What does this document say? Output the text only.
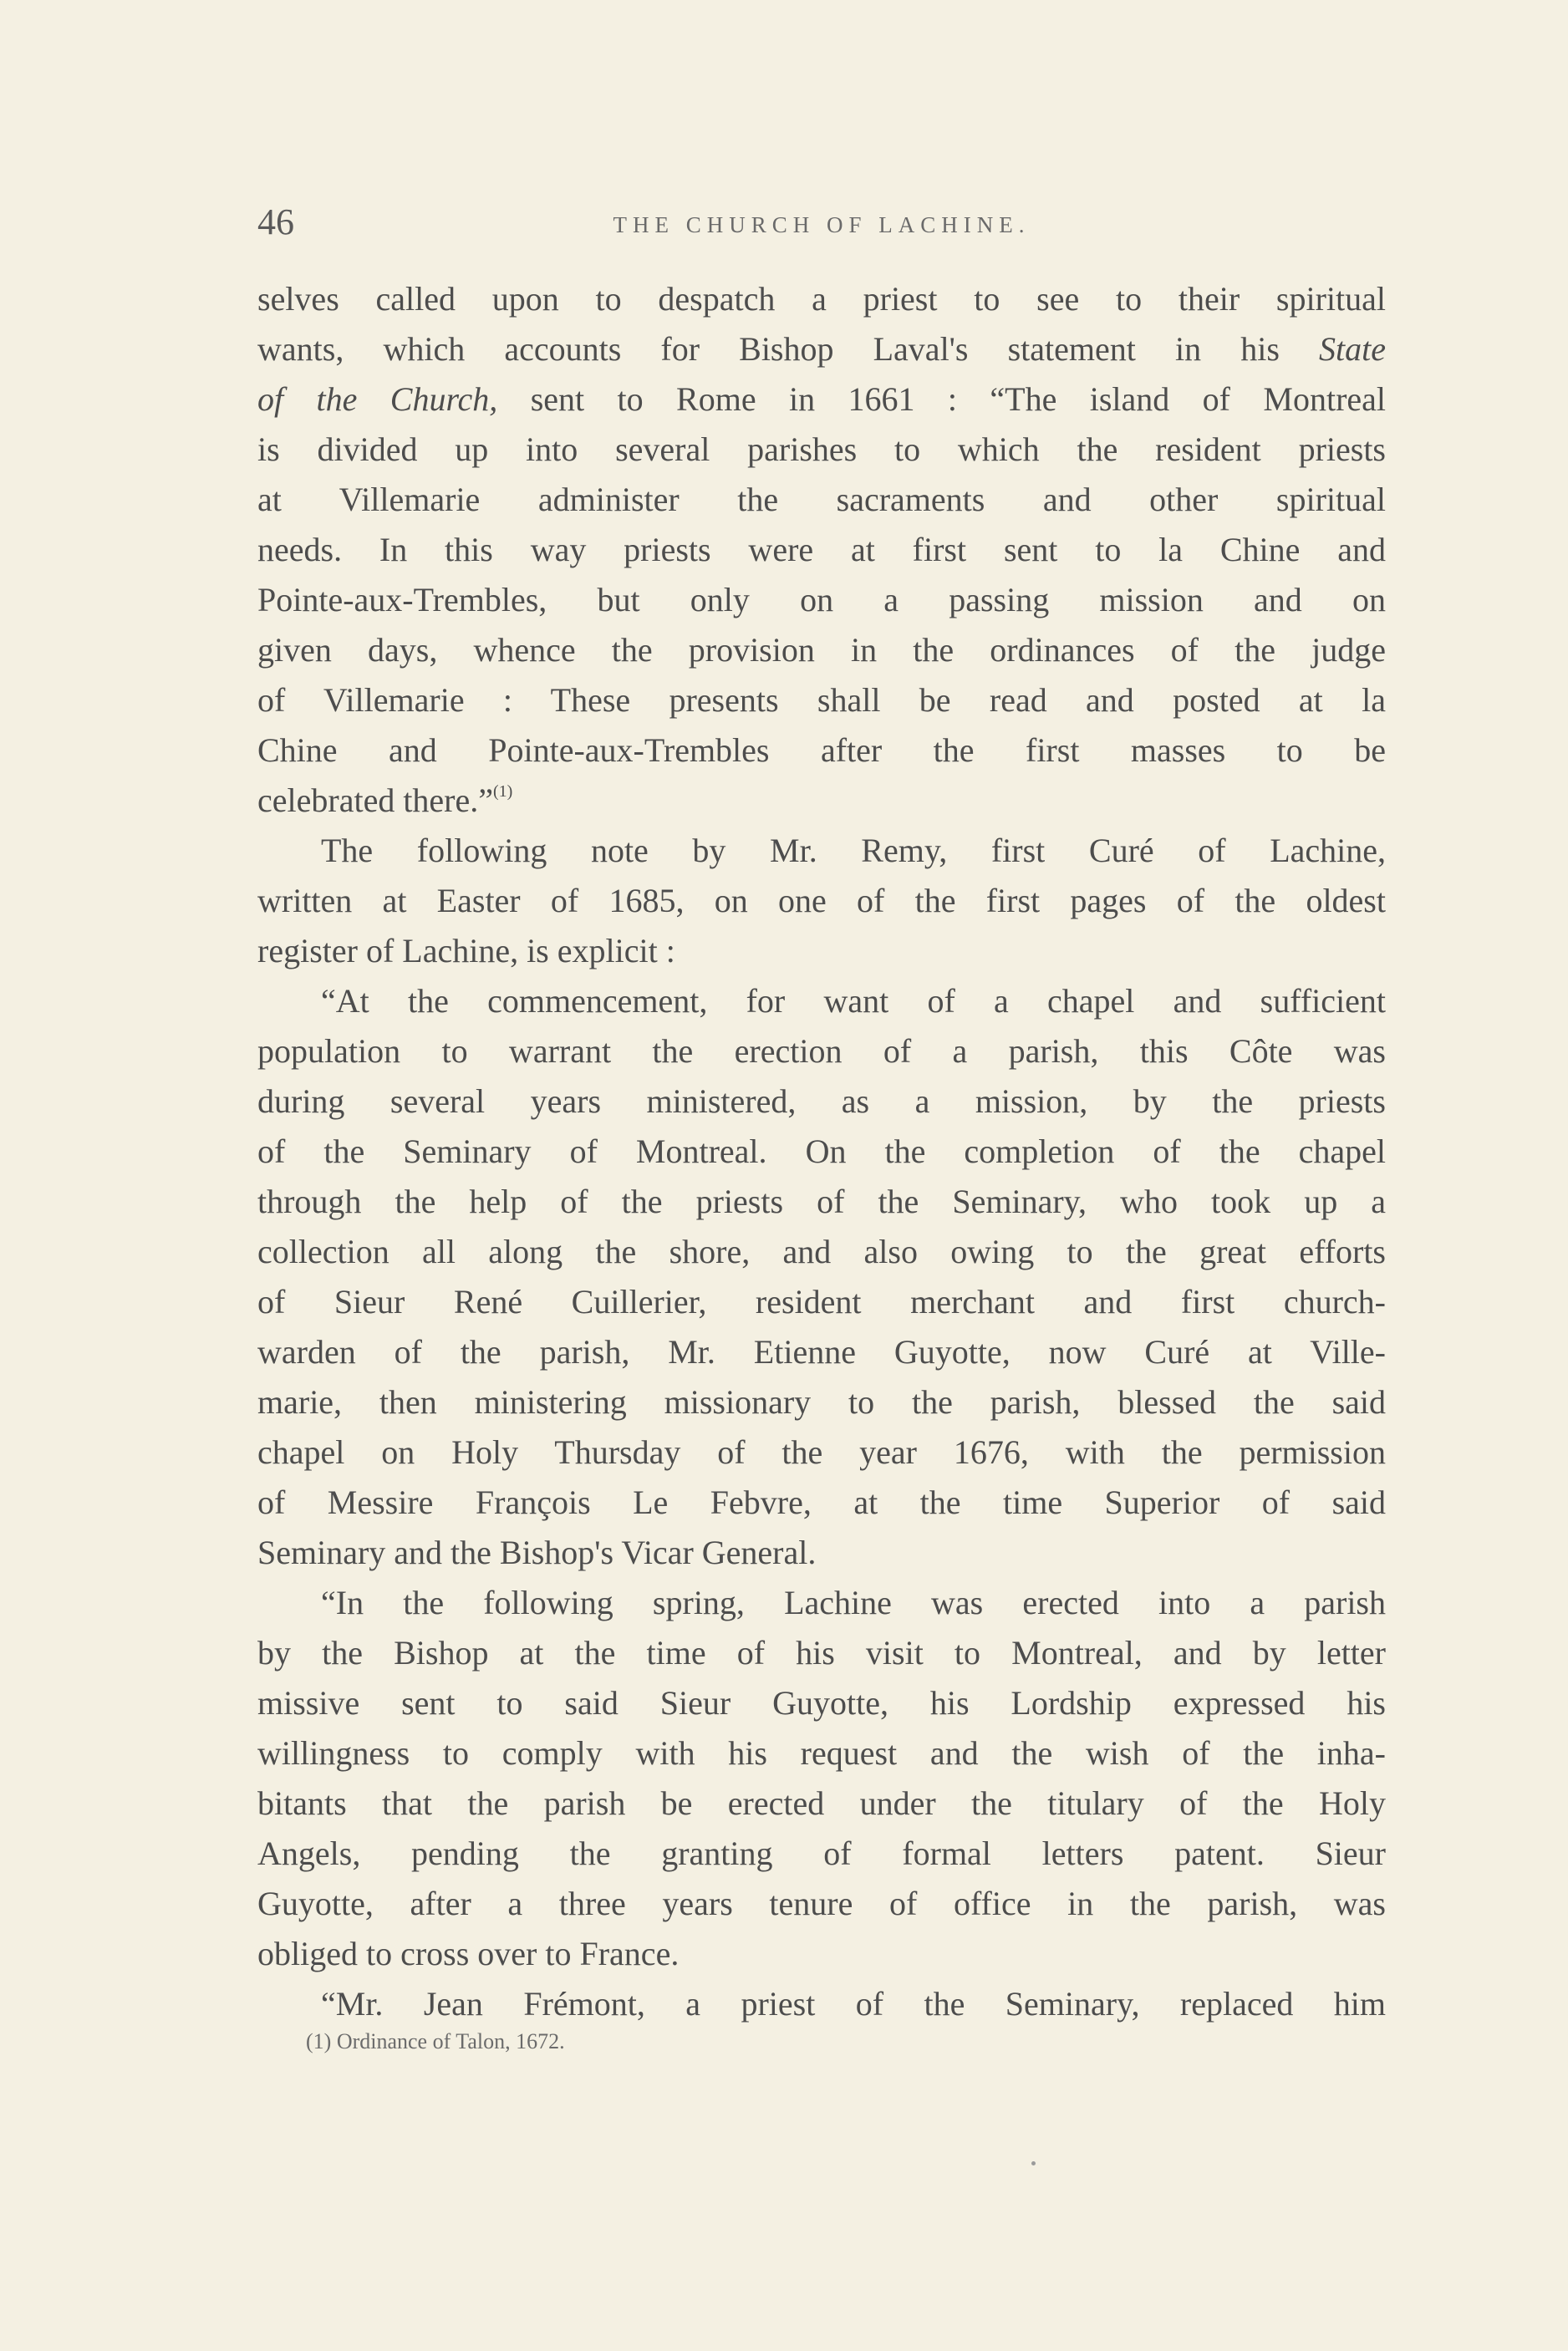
46	THE CHURCH OF LACHINE.
selves called upon to despatch a priest to see to their spiritual
wants, which accounts for Bishop Laval's statement in his State
of the Church, sent to Rome in 1661 : “The island of Montreal
is divided up into several parishes to which the resident priests
at Villemarie administer the sacraments and other spiritual
needs. In this way priests were at first sent to la Chine and
Pointe-aux-Trembles, but only on a passing mission and on
given days, whence the provision in the ordinances of the judge
of Villemarie : These presents shall be read and posted at la
Chine and Pointe-aux-Trembles after the first masses to be
celebrated there.”$^{(1)}$
The following note by Mr. Remy, first Curé of Lachine,
written at Easter of 1685, on one of the first pages of the oldest
register of Lachine, is explicit :
“At the commencement, for want of a chapel and sufficient
population to warrant the erection of a parish, this Côte was
during several years ministered, as a mission, by the priests
of the Seminary of Montreal. On the completion of the chapel
through the help of the priests of the Seminary, who took up a
collection all along the shore, and also owing to the great efforts
of Sieur René Cuillerier, resident merchant and first church-
warden of the parish, Mr. Etienne Guyotte, now Curé at Ville-
marie, then ministering missionary to the parish, blessed the said
chapel on Holy Thursday of the year 1676, with the permission
of Messire François Le Febvre, at the time Superior of said
Seminary and the Bishop's Vicar General.
“In the following spring, Lachine was erected into a parish
by the Bishop at the time of his visit to Montreal, and by letter
missive sent to said Sieur Guyotte, his Lordship expressed his
willingness to comply with his request and the wish of the inha-
bitants that the parish be erected under the titulary of the Holy
Angels, pending the granting of formal letters patent. Sieur
Guyotte, after a three years tenure of office in the parish, was
obliged to cross over to France.
“Mr. Jean Frémont, a priest of the Seminary, replaced him
(1) Ordinance of Talon, 1672.
